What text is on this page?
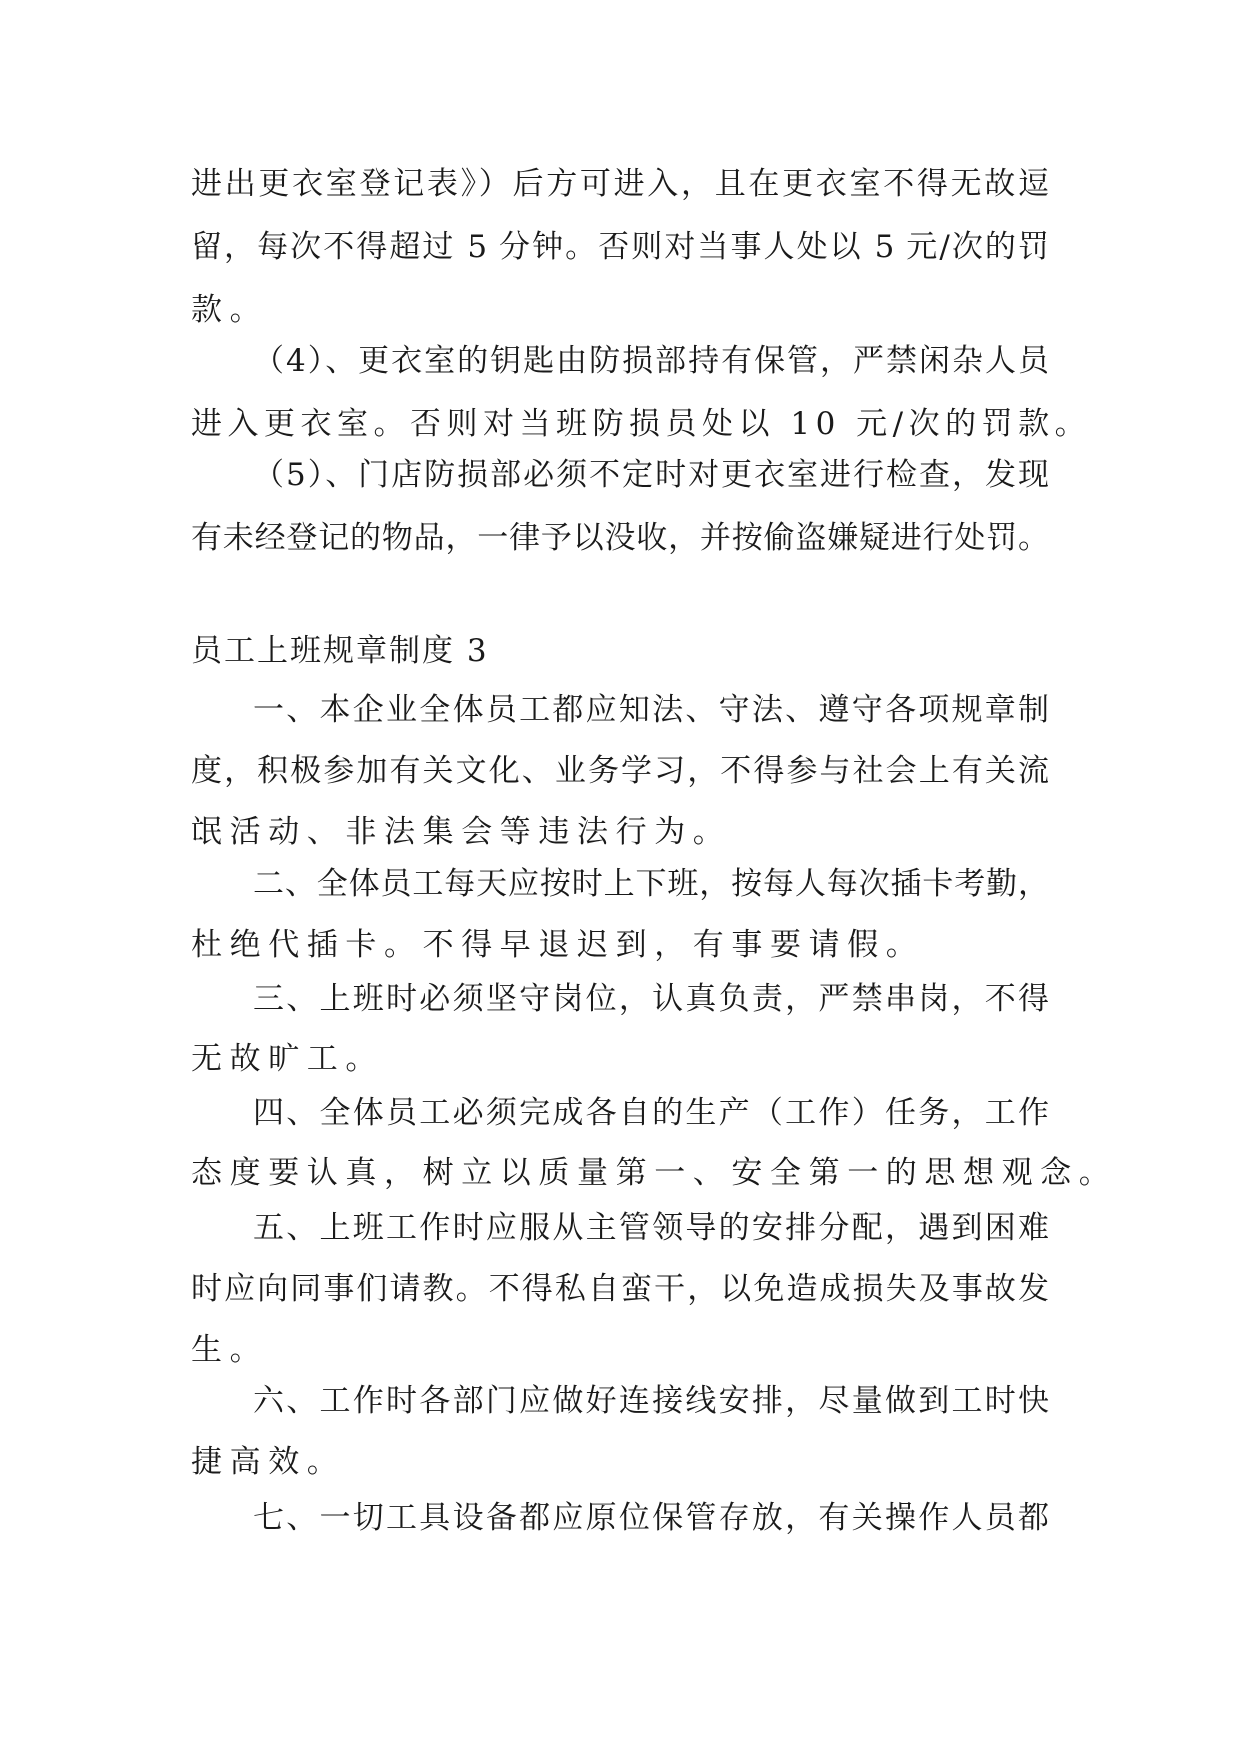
进出更衣室登记表》）后方可进入，且在更衣室不得无故逗
留，每次不得超过 5 分钟。否则对当事人处以 5 元/次的罚
款。
（4）、更衣室的钥匙由防损部持有保管，严禁闲杂人员
进入更衣室。否则对当班防损员处以 10 元/次的罚款。
（5）、门店防损部必须不定时对更衣室进行检查，发现
有未经登记的物品，一律予以没收，并按偷盗嫌疑进行处罚。
员工上班规章制度 3
一、本企业全体员工都应知法、守法、遵守各项规章制
度，积极参加有关文化、业务学习，不得参与社会上有关流
氓活动、非法集会等违法行为。
二、全体员工每天应按时上下班，按每人每次插卡考勤，
杜绝代插卡。不得早退迟到，有事要请假。
三、上班时必须坚守岗位，认真负责，严禁串岗，不得
无故旷工。
四、全体员工必须完成各自的生产（工作）任务，工作
态度要认真，树立以质量第一、安全第一的思想观念。
五、上班工作时应服从主管领导的安排分配，遇到困难
时应向同事们请教。不得私自蛮干，以免造成损失及事故发
生。
六、工作时各部门应做好连接线安排，尽量做到工时快
捷高效。
七、一切工具设备都应原位保管存放，有关操作人员都
